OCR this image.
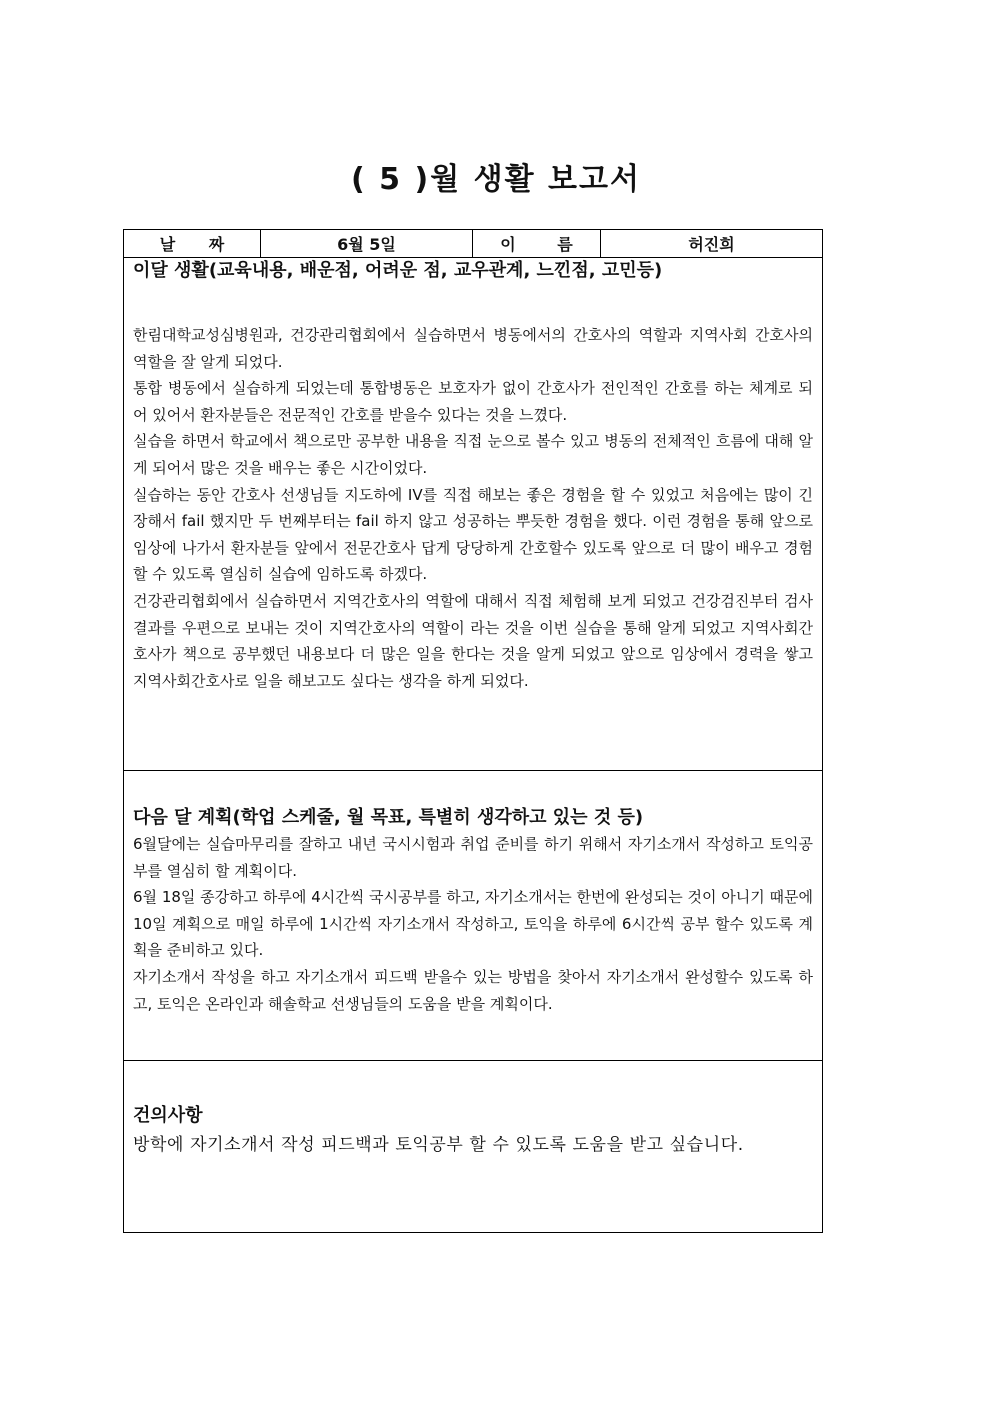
( 5 )월 생활 보고서
날 짜	6월 5일	이 름	허진희

이달 생활(교육내용, 배운점, 어려운 점, 교우관계, 느낀점, 고민등)

한림대학교성심병원과, 건강관리협회에서 실습하면서 병동에서의 간호사의 역할과 지역사회 간호사의 역할을 잘 알게 되었다.
통합 병동에서 실습하게 되었는데 통합병동은 보호자가 없이 간호사가 전인적인 간호를 하는 체계로 되어 있어서 환자분들은 전문적인 간호를 받을수 있다는 것을 느꼈다.
실습을 하면서 학교에서 책으로만 공부한 내용을 직접 눈으로 볼수 있고 병동의 전체적인 흐름에 대해 알게 되어서 많은 것을 배우는 좋은 시간이었다.
실습하는 동안 간호사 선생님들 지도하에 IV를 직접 해보는 좋은 경험을 할 수 있었고 처음에는 많이 긴장해서 fail 했지만 두 번째부터는 fail 하지 않고 성공하는 뿌듯한 경험을 했다. 이런 경험을 통해 앞으로 임상에 나가서 환자분들 앞에서 전문간호사 답게 당당하게 간호할수 있도록 앞으로 더 많이 배우고 경험할 수 있도록 열심히 실습에 임하도록 하겠다.
건강관리협회에서 실습하면서 지역간호사의 역할에 대해서 직접 체험해 보게 되었고 건강검진부터 검사결과를 우편으로 보내는 것이 지역간호사의 역할이 라는 것을 이번 실습을 통해 알게 되었고 지역사회간호사가 책으로 공부했던 내용보다 더 많은 일을 한다는 것을 알게 되었고 앞으로 임상에서 경력을 쌓고 지역사회간호사로 일을 해보고도 싶다는 생각을 하게 되었다.

다음 달 계획(학업 스케줄, 월 목표, 특별히 생각하고 있는 것 등)

6월달에는 실습마무리를 잘하고 내년 국시시험과 취업 준비를 하기 위해서 자기소개서 작성하고 토익공부를 열심히 할 계획이다.
6월 18일 종강하고 하루에 4시간씩 국시공부를 하고, 자기소개서는 한번에 완성되는 것이 아니기 때문에 10일 계획으로 매일 하루에 1시간씩 자기소개서 작성하고, 토익을 하루에 6시간씩 공부 할수 있도록 계획을 준비하고 있다.
자기소개서 작성을 하고 자기소개서 피드백 받을수 있는 방법을 찾아서 자기소개서 완성할수 있도록 하고, 토익은 온라인과 해솔학교 선생님들의 도움을 받을 계획이다.

건의사항

방학에 자기소개서 작성 피드백과 토익공부 할 수 있도록 도움을 받고 싶습니다.
